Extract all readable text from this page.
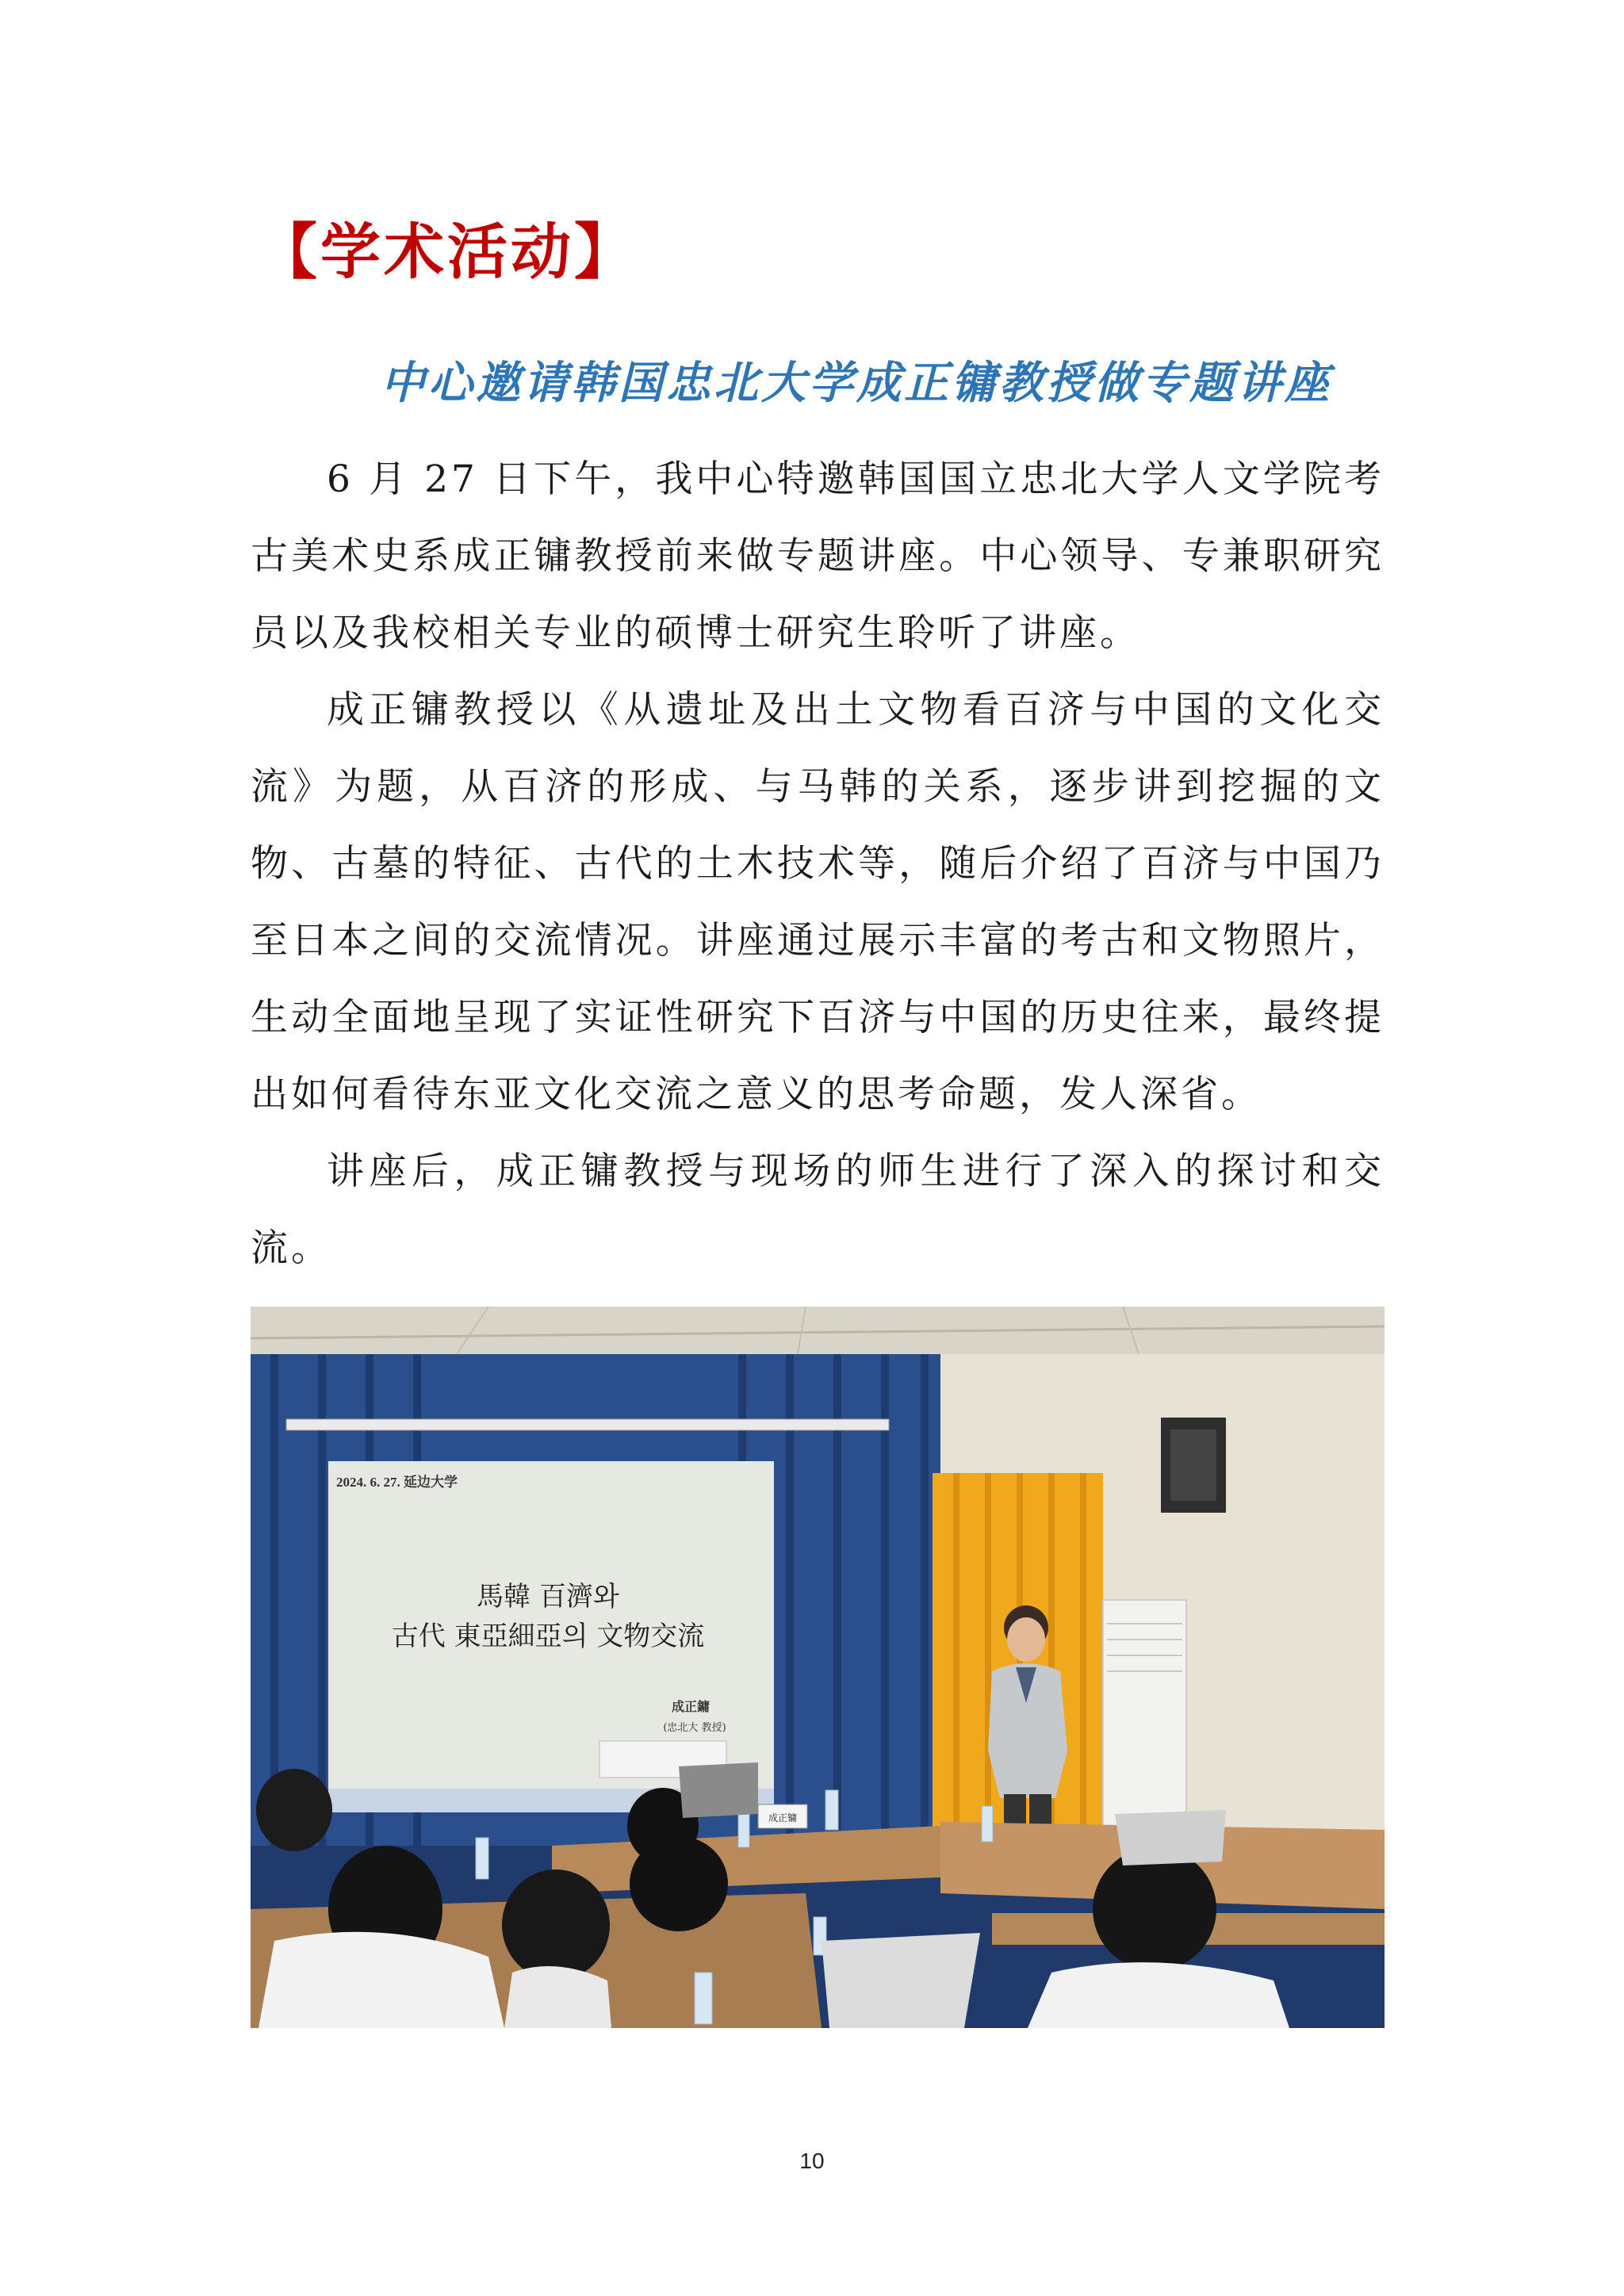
【学术活动】
中心邀请韩国忠北大学成正镛教授做专题讲座

6 月 27 日下午，我中心特邀韩国国立忠北大学人文学院考古美术史系成正镛教授前来做专题讲座。中心领导、专兼职研究员以及我校相关专业的硕博士研究生聆听了讲座。

成正镛教授以《从遗址及出土文物看百济与中国的文化交流》为题，从百济的形成、与马韩的关系，逐步讲到挖掘的文物、古墓的特征、古代的土木技术等，随后介绍了百济与中国乃至日本之间的交流情况。讲座通过展示丰富的考古和文物照片，生动全面地呈现了实证性研究下百济与中国的历史往来，最终提出如何看待东亚文化交流之意义的思考命题，发人深省。

讲座后，成正镛教授与现场的师生进行了深入的探讨和交流。

2024. 6. 27. 延边大学
馬韓 百濟와
古代 東亞細亞의 文物交流
成正鏞
(忠北大 教授)
成正镛
10
